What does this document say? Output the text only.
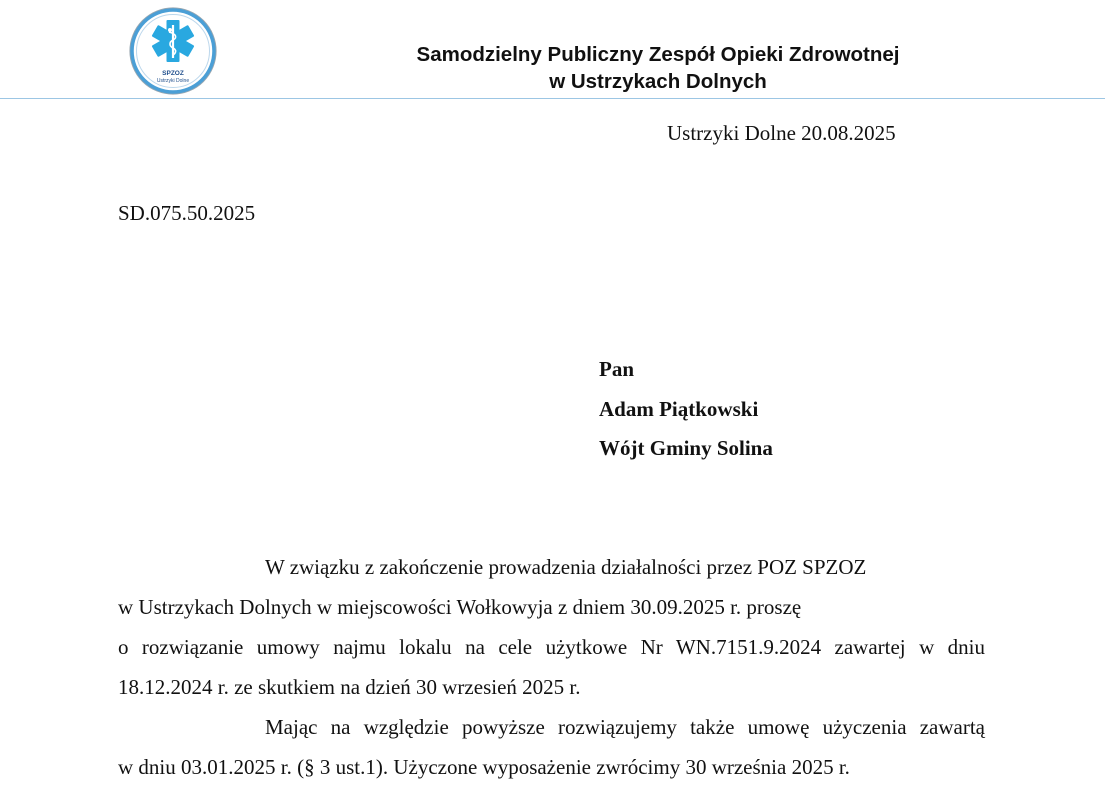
SPZOZ
Ustrzyki Dolne
Samodzielny Publiczny Zespół Opieki Zdrowotnej
w Ustrzykach Dolnych
Ustrzyki Dolne 20.08.2025
SD.075.50.2025
Pan
Adam Piątkowski
Wójt Gminy Solina
W związku z zakończenie prowadzenia działalności przez POZ SPZOZ
w Ustrzykach Dolnych w miejscowości Wołkowyja z dniem 30.09.2025 r. proszę
o rozwiązanie umowy najmu lokalu na cele użytkowe Nr WN.7151.9.2024 zawartej w dniu
18.12.2024 r. ze skutkiem na dzień 30 wrzesień 2025 r.
Mając na względzie powyższe rozwiązujemy także umowę użyczenia zawartą
w dniu 03.01.2025 r. (§ 3 ust.1). Użyczone wyposażenie zwrócimy 30 września 2025 r.
